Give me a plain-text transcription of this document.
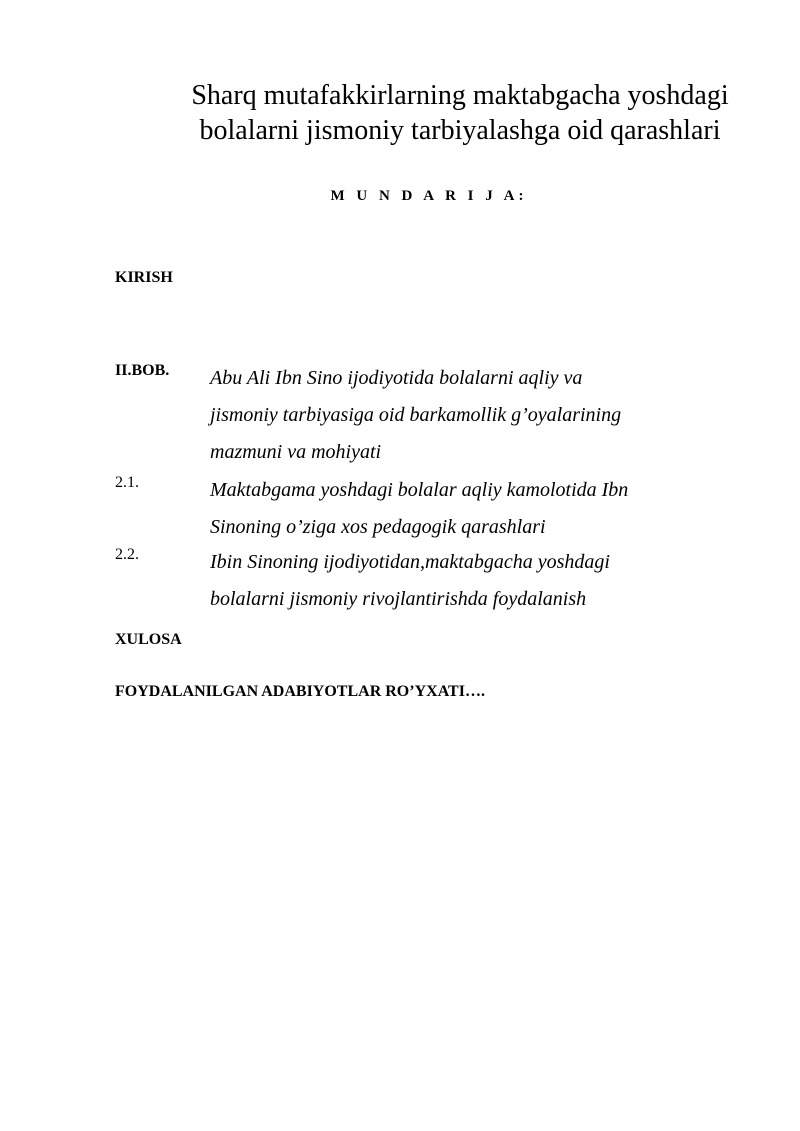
Sharq mutafakkirlarning maktabgacha yoshdagi
bolalarni jismoniy tarbiyalashga oid qarashlari
M U N D A R I J A:
KIRISH
II.BOB. Abu Ali Ibn Sino ijodiyotida bolalarni aqliy va
jismoniy tarbiyasiga oid barkamollik g’oyalarining
mazmuni va mohiyati
2.1.	Maktabgama yoshdagi bolalar aqliy kamolotida Ibn
Sinoning o’ziga xos pedagogik qarashlari
2.2.	Ibin Sinoning ijodiyotidan,maktabgacha yoshdagi
bolalarni jismoniy rivojlantirishda foydalanish
XULOSA
FOYDALANILGAN ADABIYOTLAR RO’YXATI….
